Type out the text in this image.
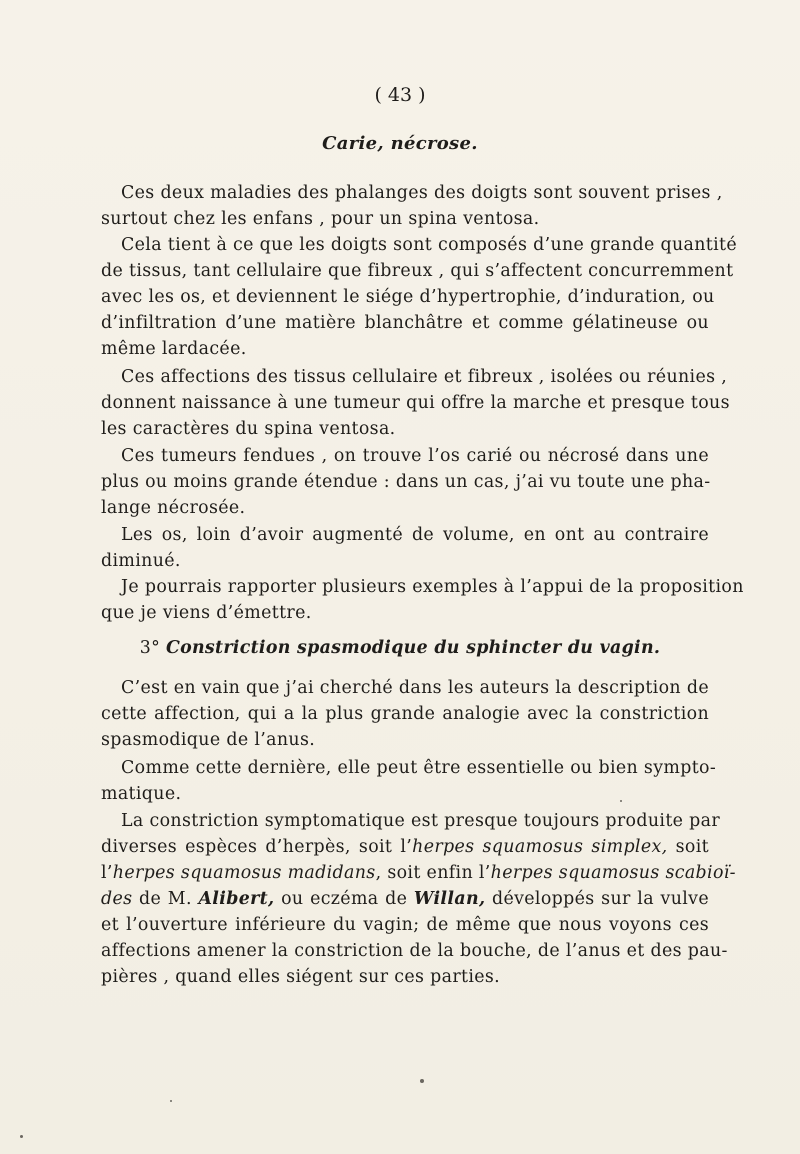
( 43 )
Carie, nécrose.
Ces deux maladies des phalanges des doigts sont souvent prises ,
surtout chez les enfans , pour un spina ventosa.
Cela tient à ce que les doigts sont composés d’une grande quantité
de tissus, tant cellulaire que fibreux , qui s’affectent concurremment
avec les os, et deviennent le siége d’hypertrophie, d’induration, ou
d’infiltration d’une matière blanchâtre et comme gélatineuse ou
même lardacée.
Ces affections des tissus cellulaire et fibreux , isolées ou réunies ,
donnent naissance à une tumeur qui offre la marche et presque tous
les caractères du spina ventosa.
Ces tumeurs fendues , on trouve l’os carié ou nécrosé dans une
plus ou moins grande étendue : dans un cas, j’ai vu toute une pha-
lange nécrosée.
Les os, loin d’avoir augmenté de volume, en ont au contraire
diminué.
Je pourrais rapporter plusieurs exemples à l’appui de la proposition
que je viens d’émettre.
3° Constriction spasmodique du sphincter du vagin.
C’est en vain que j’ai cherché dans les auteurs la description de
cette affection, qui a la plus grande analogie avec la constriction
spasmodique de l’anus.
Comme cette dernière, elle peut être essentielle ou bien sympto-
matique.
La constriction symptomatique est presque toujours produite par
diverses espèces d’herpès, soit l’herpes squamosus simplex, soit
l’herpes squamosus madidans, soit enfin l’herpes squamosus scabioï-
des de M. Alibert, ou eczéma de Willan, développés sur la vulve
et l’ouverture inférieure du vagin; de même que nous voyons ces
affections amener la constriction de la bouche, de l’anus et des pau-
pières , quand elles siégent sur ces parties.
